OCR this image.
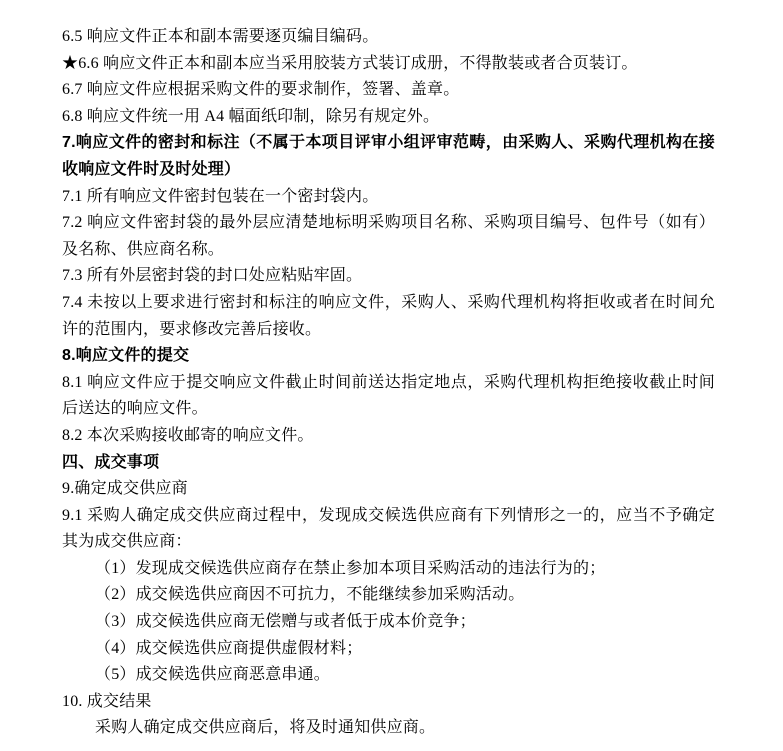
6.5 响应文件正本和副本需要逐页编目编码。

★6.6 响应文件正本和副本应当采用胶装方式装订成册，不得散装或者合页装订。

6.7 响应文件应根据采购文件的要求制作，签署、盖章。

6.8 响应文件统一用 A4 幅面纸印制，除另有规定外。

7.响应文件的密封和标注（不属于本项目评审小组评审范畴，由采购人、采购代理机构在接收响应文件时及时处理）

7.1 所有响应文件密封包装在一个密封袋内。

7.2 响应文件密封袋的最外层应清楚地标明采购项目名称、采购项目编号、包件号（如有）及名称、供应商名称。

7.3 所有外层密封袋的封口处应粘贴牢固。

7.4 未按以上要求进行密封和标注的响应文件，采购人、采购代理机构将拒收或者在时间允许的范围内，要求修改完善后接收。

8.响应文件的提交

8.1 响应文件应于提交响应文件截止时间前送达指定地点，采购代理机构拒绝接收截止时间后送达的响应文件。

8.2 本次采购接收邮寄的响应文件。

四、成交事项

9.确定成交供应商

9.1 采购人确定成交供应商过程中，发现成交候选供应商有下列情形之一的，应当不予确定其为成交供应商：

（1）发现成交候选供应商存在禁止参加本项目采购活动的违法行为的；

（2）成交候选供应商因不可抗力，不能继续参加采购活动。

（3）成交候选供应商无偿赠与或者低于成本价竞争；

（4）成交候选供应商提供虚假材料；

（5）成交候选供应商恶意串通。

10. 成交结果

采购人确定成交供应商后，将及时通知供应商。
